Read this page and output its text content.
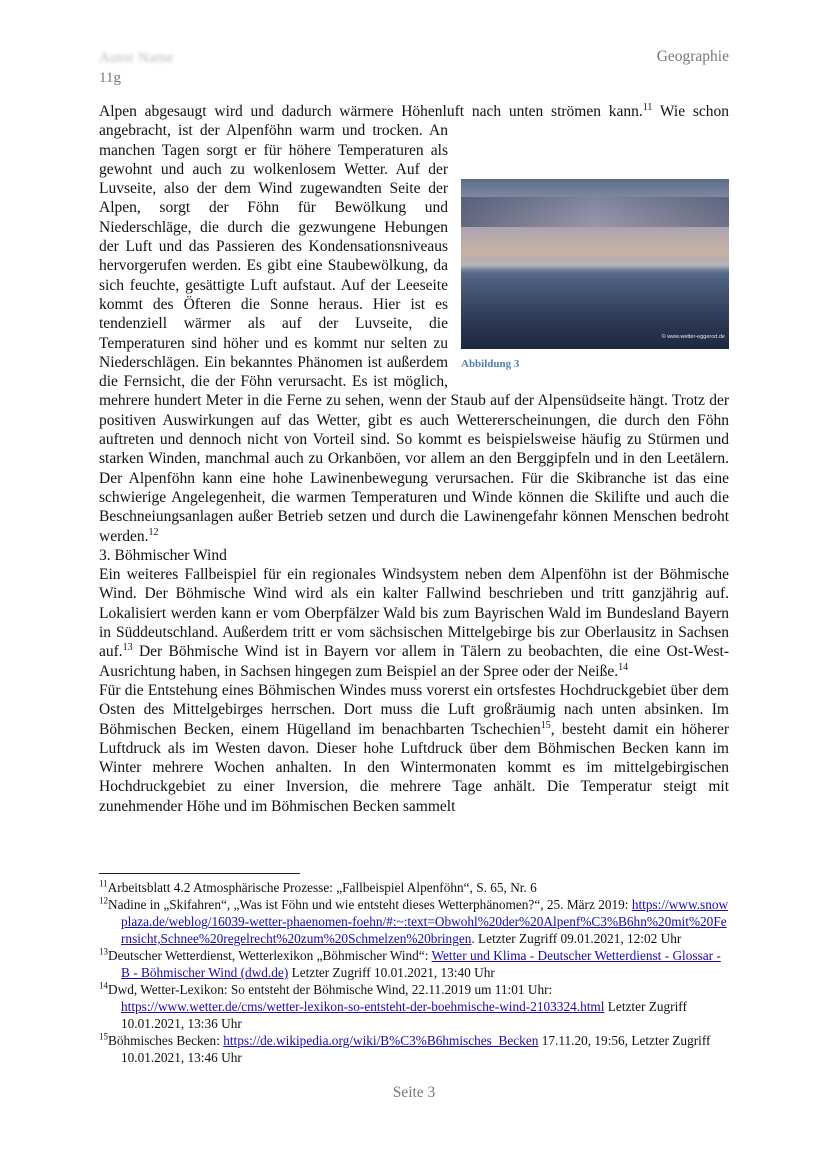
Autor Name
11g
Geographie

Alpen abgesaugt wird und dadurch wärmere Höhenluft nach unten strömen kann.$^{11}$
© www.wetter-eggerod.de
Abbildung 3
Wie schon angebracht, ist der Alpenföhn warm und trocken. An manchen Tagen sorgt er für höhere Temperaturen als gewohnt und auch zu wolkenlosem Wetter. Auf der Luvseite, also der dem Wind zugewandten Seite der Alpen, sorgt der Föhn für Bewölkung und Niederschläge, die durch die gezwungene Hebungen der Luft und das Passieren des Kondensationsniveaus hervorgerufen werden. Es gibt eine Staubewölkung, da sich feuchte, gesättigte Luft aufstaut. Auf der Leeseite kommt des Öfteren die Sonne heraus. Hier ist es tendenziell wärmer als auf der Luvseite, die Temperaturen sind höher und es kommt nur selten zu Niederschlägen. Ein bekanntes Phänomen ist außerdem die Fernsicht, die der Föhn verursacht. Es ist möglich, mehrere hundert Meter in die Ferne zu sehen, wenn der Staub auf der Alpensüdseite hängt. Trotz der positiven Auswirkungen auf das Wetter, gibt es auch Wettererscheinungen, die durch den Föhn auftreten und dennoch nicht von Vorteil sind. So kommt es beispielsweise häufig zu Stürmen und starken Winden, manchmal auch zu Orkanböen, vor allem an den Berggipfeln und in den Leetälern. Der Alpenföhn kann eine hohe Lawinenbewegung verursachen. Für die Skibranche ist das eine schwierige Angelegenheit, die warmen Temperaturen und Winde können die Skilifte und auch die Beschneiungsanlagen außer Betrieb setzen und durch die Lawinengefahr können Menschen bedroht werden.$^{12}$

3. Böhmischer Wind

Ein weiteres Fallbeispiel für ein regionales Windsystem neben dem Alpenföhn ist der Böhmische Wind. Der Böhmische Wind wird als ein kalter Fallwind beschrieben und tritt ganzjährig auf. Lokalisiert werden kann er vom Oberpfälzer Wald bis zum Bayrischen Wald im Bundesland Bayern in Süddeutschland. Außerdem tritt er vom sächsischen Mittelgebirge bis zur Oberlausitz in Sachsen auf.$^{13}$ Der Böhmische Wind ist in Bayern vor allem in Tälern zu beobachten, die eine Ost-West-Ausrichtung haben, in Sachsen hingegen zum Beispiel an der Spree oder der Neiße.$^{14}$

Für die Entstehung eines Böhmischen Windes muss vorerst ein ortsfestes Hochdruckgebiet über dem Osten des Mittelgebirges herrschen. Dort muss die Luft großräumig nach unten absinken. Im Böhmischen Becken, einem Hügelland im benachbarten Tschechien$^{15}$, besteht damit ein höherer Luftdruck als im Westen davon. Dieser hohe Luftdruck über dem Böhmischen Becken kann im Winter mehrere Wochen anhalten. In den Wintermonaten kommt es im mittelgebirgischen Hochdruckgebiet zu einer Inversion, die mehrere Tage anhält. Die Temperatur steigt mit zunehmender Höhe und im Böhmischen Becken sammelt

$^{11}$Arbeitsblatt 4.2 Atmosphärische Prozesse: „Fallbeispiel Alpenföhn“, S. 65, Nr. 6

$^{12}$Nadine in „Skifahren“, „Was ist Föhn und wie entsteht dieses Wetterphänomen?“, 25. März 2019: https://www.snowplaza.de/weblog/16039-wetter-phaenomen-foehn/#:~:text=Obwohl%20der%20Alpenf%C3%B6hn%20mit%20Fernsicht,Schnee%20regelrecht%20zum%20Schmelzen%20bringen. Letzter Zugriff 09.01.2021, 12:02 Uhr

$^{13}$Deutscher Wetterdienst, Wetterlexikon „Böhmischer Wind“: Wetter und Klima - Deutscher Wetterdienst - Glossar - B - Böhmischer Wind (dwd.de) Letzter Zugriff 10.01.2021, 13:40 Uhr

$^{14}$Dwd, Wetter-Lexikon: So entsteht der Böhmische Wind, 22.11.2019 um 11:01 Uhr: https://www.wetter.de/cms/wetter-lexikon-so-entsteht-der-boehmische-wind-2103324.html Letzter Zugriff 10.01.2021, 13:36 Uhr

$^{15}$Böhmisches Becken: https://de.wikipedia.org/wiki/B%C3%B6hmisches_Becken 17.11.20, 19:56, Letzter Zugriff 10.01.2021, 13:46 Uhr

Seite 3
